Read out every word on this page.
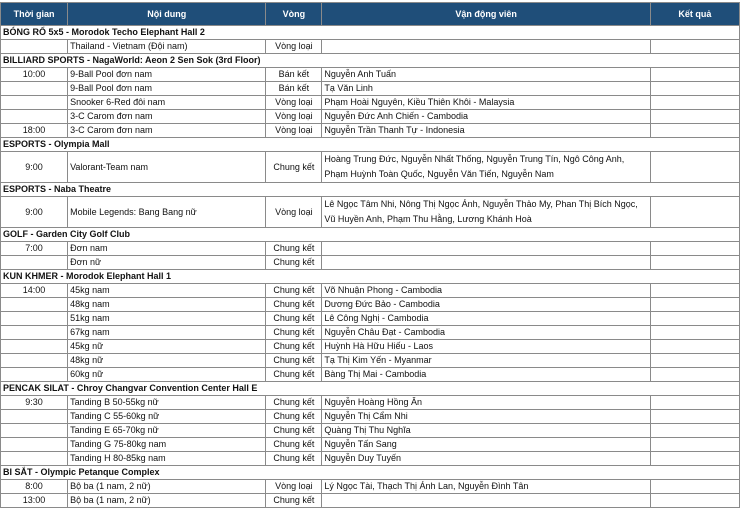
Thời gian	Nội dung	Vòng	Vận động viên	Kết quả
BÓNG RỔ 5x5 - Morodok Techo Elephant Hall 2				
	Thailand - Vietnam (Đội nam)	Vòng loại		
BILLIARD SPORTS - NagaWorld: Aeon 2 Sen Sok (3rd Floor)				
10:00	9-Ball Pool đơn nam	Bán kết	Nguyễn Anh Tuấn	
	9-Ball Pool đơn nam	Bán kết	Tạ Văn Linh	
	Snooker 6-Red đôi nam	Vòng loại	Phạm Hoài Nguyên, Kiều Thiên Khôi - Malaysia	
	3-C Carom đơn nam	Vòng loại	Nguyễn Đức Anh Chiến - Cambodia	
18:00	3-C Carom đơn nam	Vòng loại	Nguyễn Trần Thanh Tự - Indonesia	
ESPORTS - Olympia Mall				
9:00	Valorant-Team nam	Chung kết	Hoàng Trung Đức, Nguyễn Nhất Thống, Nguyễn Trung Tín, Ngô Công Anh, Phạm Huỳnh Toàn Quốc, Nguyễn Văn Tiến, Nguyễn Nam	
ESPORTS - Naba Theatre				
9:00	Mobile Legends: Bang Bang nữ	Vòng loại	Lê Ngọc Tâm Nhi, Nông Thị Ngọc Ánh, Nguyễn Thảo My, Phan Thị Bích Ngọc, Vũ Huyền Anh, Phạm Thu Hằng, Lương Khánh Hoà	
GOLF - Garden City Golf Club				
7:00	Đơn nam	Chung kết		
	Đơn nữ	Chung kết		
KUN KHMER - Morodok Elephant Hall 1				
14:00	45kg nam	Chung kết	Võ Nhuận Phong - Cambodia	
	48kg nam	Chung kết	Dương Đức Bảo - Cambodia	
	51kg nam	Chung kết	Lê Công Nghị - Cambodia	
	67kg nam	Chung kết	Nguyễn Châu Đạt - Cambodia	
	45kg nữ	Chung kết	Huỳnh Hà Hữu Hiếu - Laos	
	48kg nữ	Chung kết	Tạ Thị Kim Yến - Myanmar	
	60kg nữ	Chung kết	Bàng Thị Mai - Cambodia	
PENCAK SILAT - Chroy Changvar Convention Center Hall E				
9:30	Tanding B 50-55kg nữ	Chung kết	Nguyễn Hoàng Hồng Ân	
	Tanding C 55-60kg nữ	Chung kết	Nguyễn Thị Cẩm Nhi	
	Tanding E 65-70kg nữ	Chung kết	Quàng Thị Thu Nghĩa	
	Tanding G 75-80kg nam	Chung kết	Nguyễn Tấn Sang	
	Tanding H 80-85kg nam	Chung kết	Nguyễn Duy Tuyến	
BI SẮT - Olympic Petanque Complex				
8:00	Bộ ba (1 nam, 2 nữ)	Vòng loại	Lý Ngọc Tài, Thạch Thị Ánh Lan, Nguyễn Đình Tân	
13:00	Bộ ba (1 nam, 2 nữ)	Chung kết		
